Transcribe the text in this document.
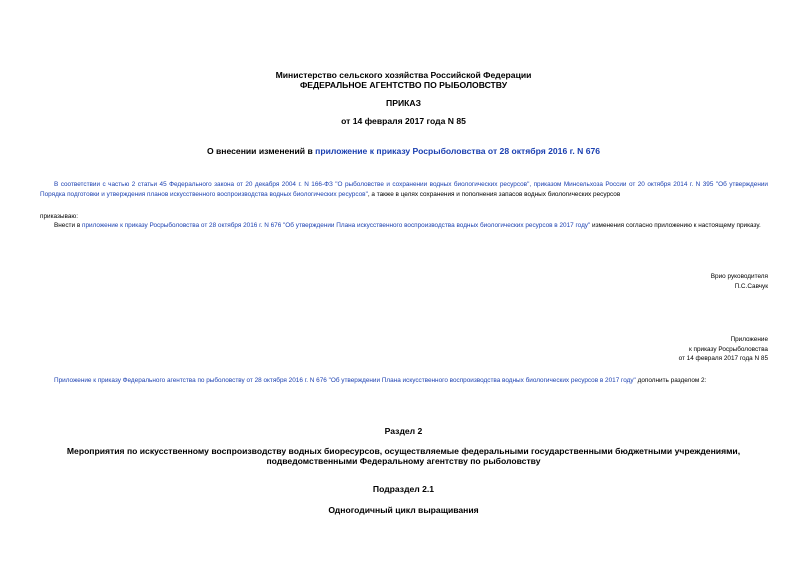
Министерство сельского хозяйства Российской Федерации
ФЕДЕРАЛЬНОЕ АГЕНТСТВО ПО РЫБОЛОВСТВУ
ПРИКАЗ
от 14 февраля 2017 года N 85
О внесении изменений в приложение к приказу Росрыболовства от 28 октября 2016 г. N 676
В соответствии с частью 2 статьи 45 Федерального закона от 20 декабря 2004 г. N 166-ФЗ "О рыболовстве и сохранении водных биологических ресурсов", приказом Минсельхоза России от 20 октября 2014 г. N 395 "Об утверждении Порядка подготовки и утверждения планов искусственного воспроизводства водных биологических ресурсов", а также в целях сохранения и пополнения запасов водных биологических ресурсов
приказываю:
Внести в приложение к приказу Росрыболовства от 28 октября 2016 г. N 676 "Об утверждении Плана искусственного воспроизводства водных биологических ресурсов в 2017 году" изменения согласно приложению к настоящему приказу.
Врио руководителя
П.С.Савчук
Приложение
к приказу Росрыболовства
от 14 февраля 2017 года N 85
Приложение к приказу Федерального агентства по рыболовству от 28 октября 2016 г. N 676 "Об утверждении Плана искусственного воспроизводства водных биологических ресурсов в 2017 году" дополнить разделом 2:
Раздел 2
Мероприятия по искусственному воспроизводству водных биоресурсов, осуществляемые федеральными государственными бюджетными учреждениями,
подведомственными Федеральному агентству по рыболовству
Подраздел 2.1
Одногодичный цикл выращивания
